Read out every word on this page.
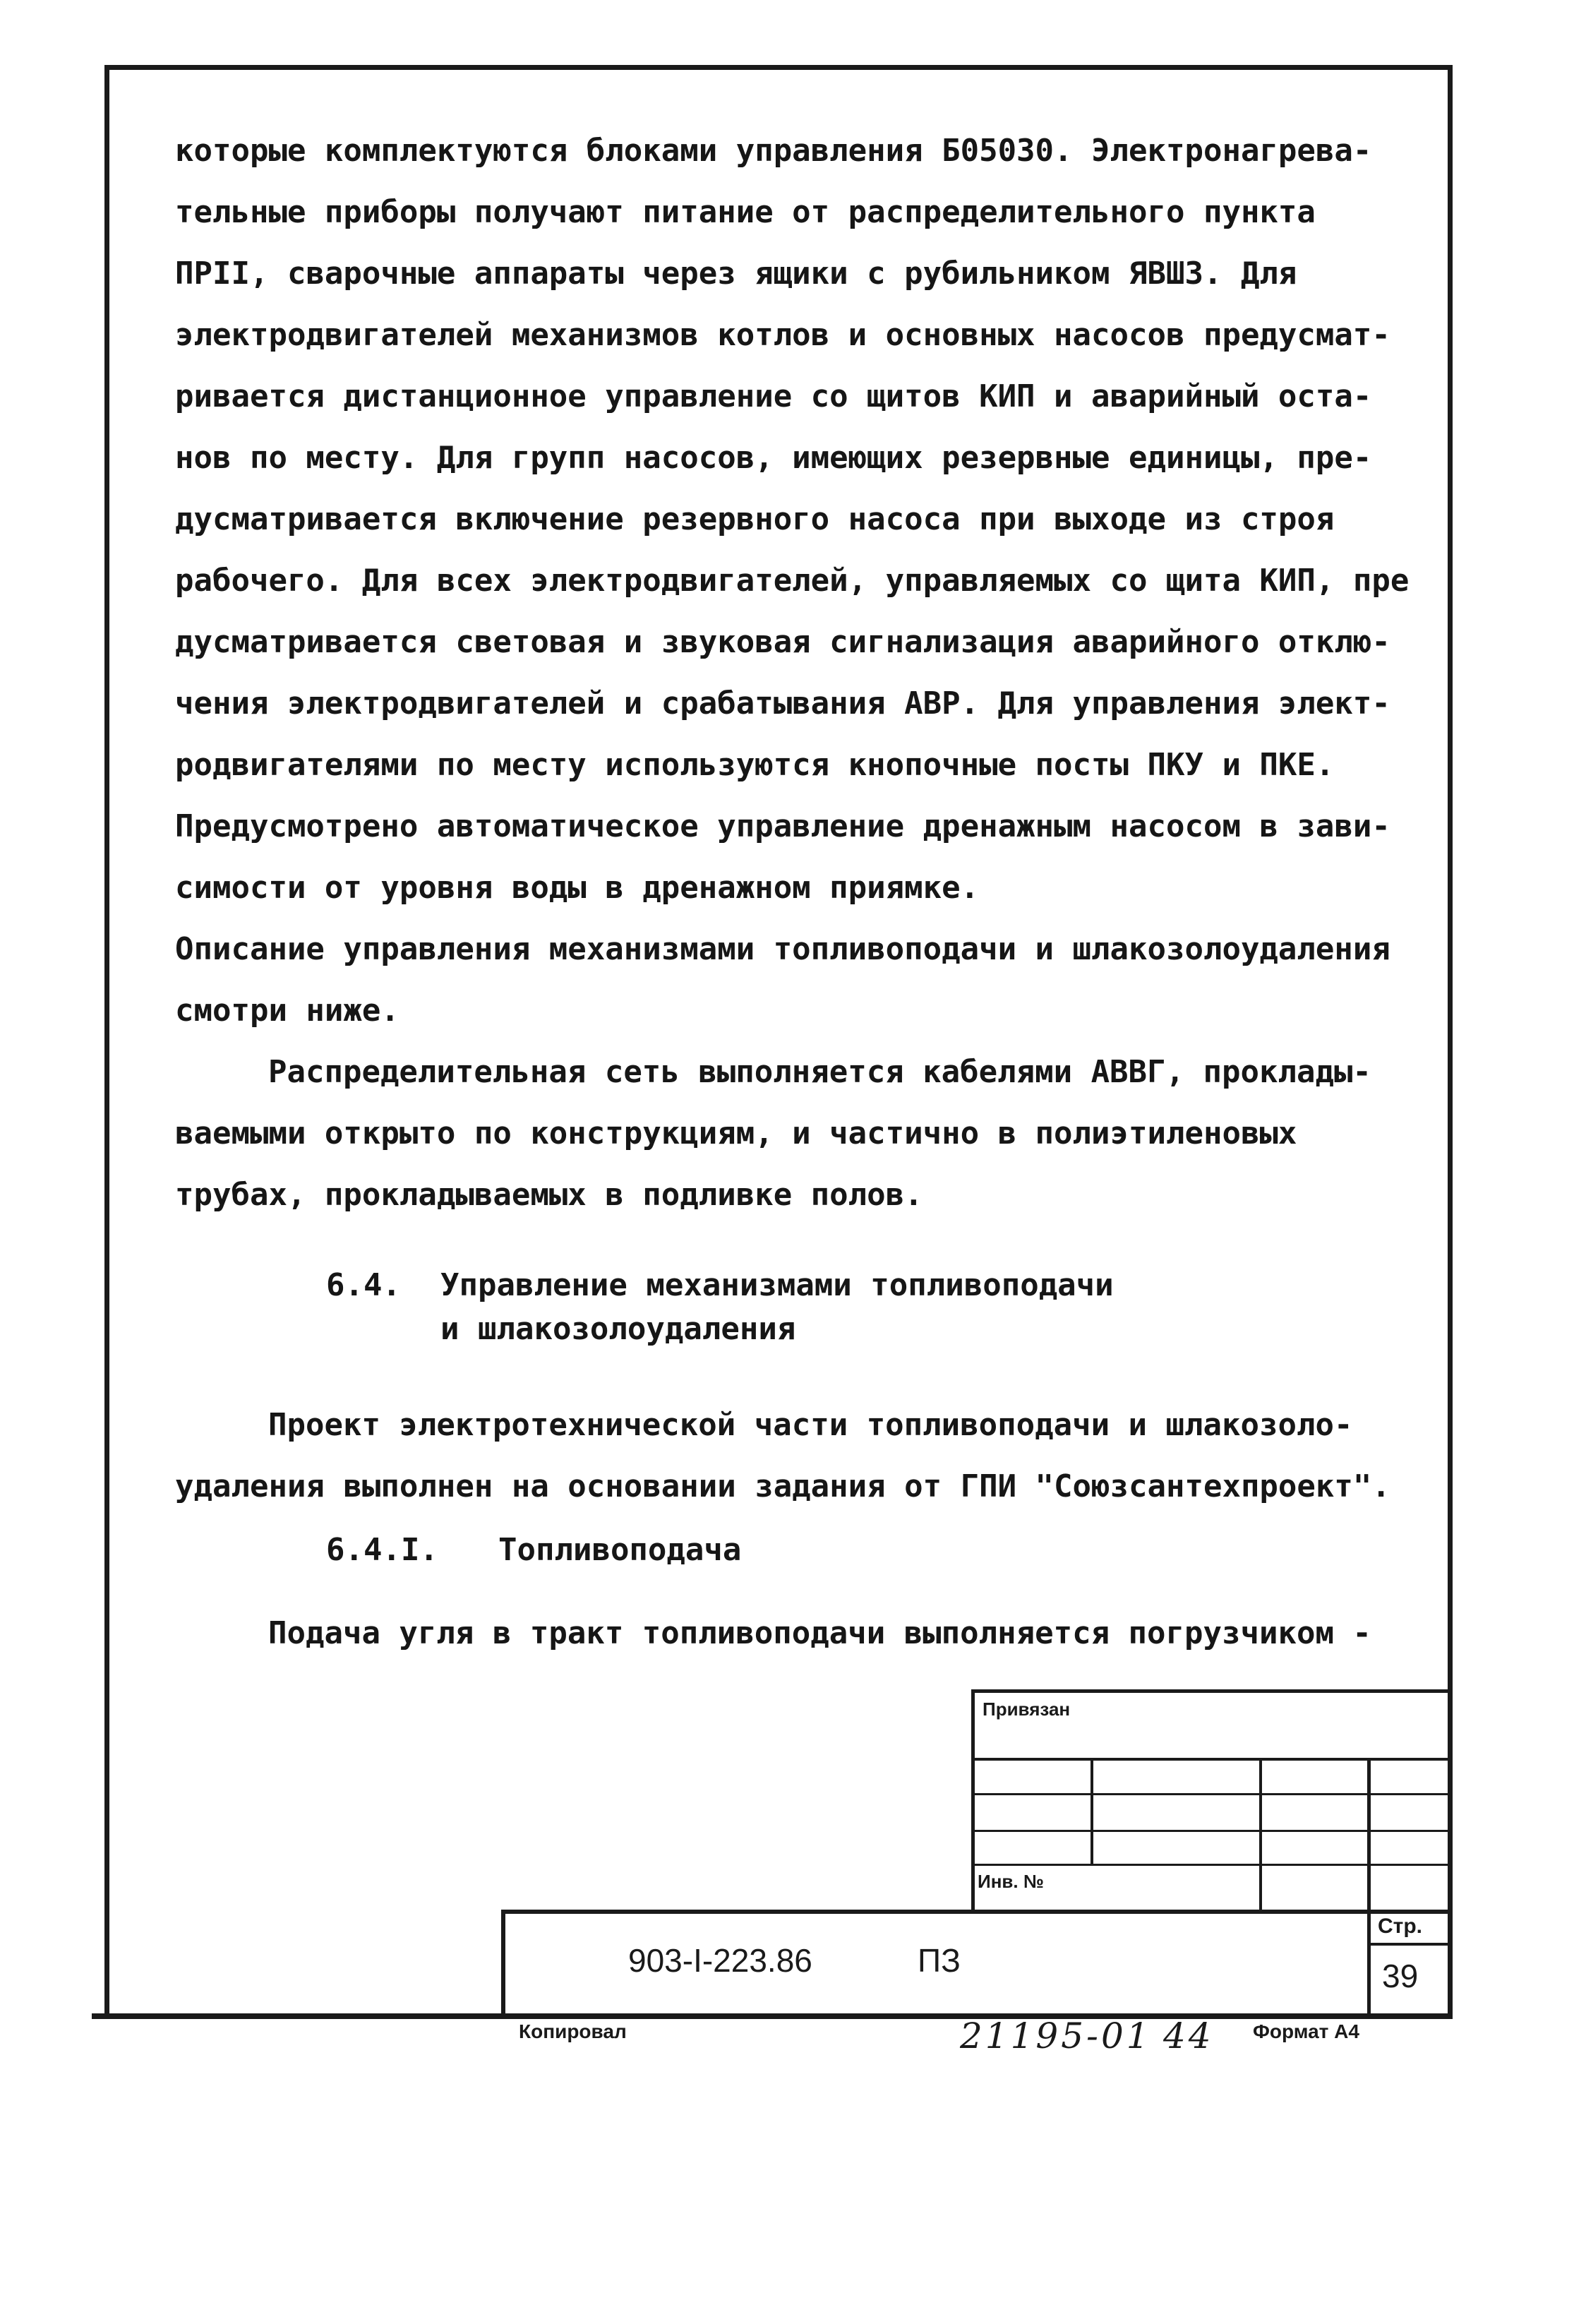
которые комплектуются блоками управления Б05030. Электронагрева-
тельные приборы получают питание от распределительного пункта
ПРII, сварочные аппараты через ящики с рубильником ЯВШЗ. Для
электродвигателей механизмов котлов и основных насосов предусмат-
ривается дистанционное управление со щитов КИП и аварийный оста-
нов по месту. Для групп насосов, имеющих резервные единицы, пре-
дусматривается включение резервного насоса при выходе из строя
рабочего. Для всех электродвигателей, управляемых со щита КИП, пре
дусматривается световая и звуковая сигнализация аварийного отклю-
чения электродвигателей и срабатывания АВР. Для управления элект-
родвигателями по месту используются кнопочные посты ПКУ и ПКЕ.
Предусмотрено автоматическое управление дренажным насосом в зави-
симости от уровня воды в дренажном приямке.
Описание управления механизмами топливоподачи и шлакозолоудаления
смотри ниже.
Распределительная сеть выполняется кабелями АВВГ, проклады-
ваемыми открыто по конструкциям, и частично в полиэтиленовых
трубах, прокладываемых в подливке полов.
6.4. Управление механизмами топливоподачи
и шлакозолоудаления
Проект электротехнической части топливоподачи и шлакозоло-
удаления выполнен на основании задания от ГПИ "Союзсантехпроект".
6.4.I. Топливоподача
Подача угля в тракт топливоподачи выполняется погрузчиком -
Привязан
Инв. №
903-I-223.86	ПЗ
Стр.
39
Копировал	21195-01 44 Формат А4
